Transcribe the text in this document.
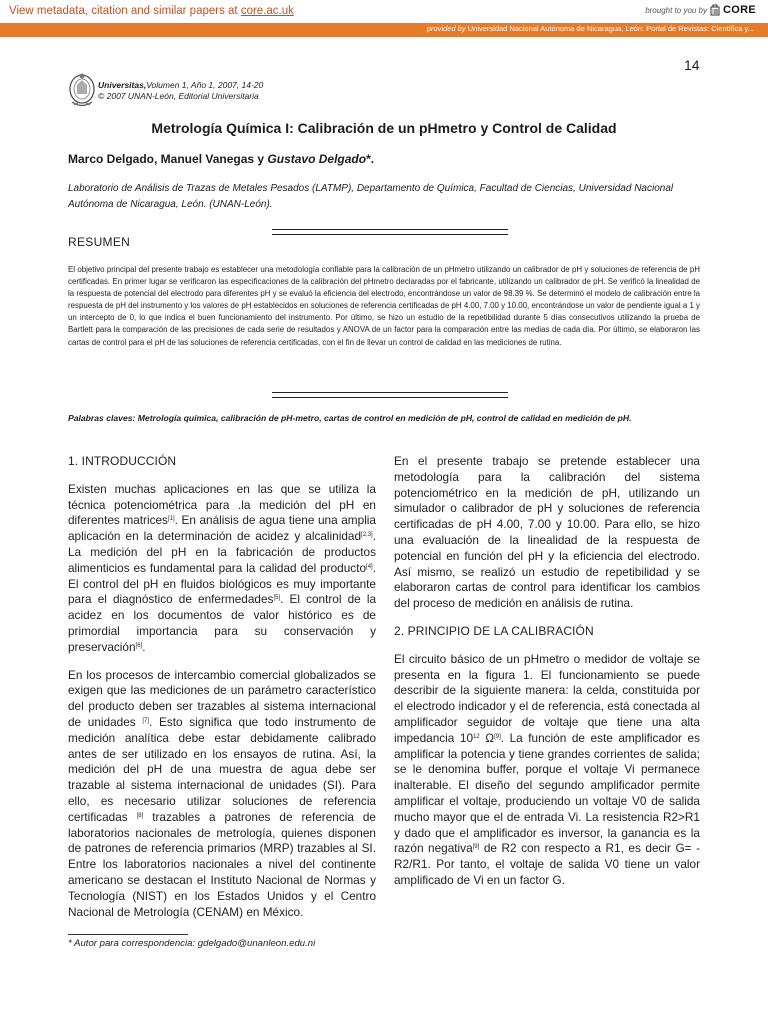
View metadata, citation and similar papers at core.ac.uk	brought to you by CORE
provided by Universidad Nacional Autónoma de Nicaragua, León: Portal de Revistas: Científica y...
14
Universitas,Volumen 1, Año 1, 2007, 14-20
© 2007 UNAN-León, Editorial Universitaria
Metrología Química I: Calibración de un pHmetro y Control de Calidad
Marco Delgado, Manuel Vanegas y Gustavo Delgado*.
Laboratorio de Análisis de Trazas de Metales Pesados (LATMP), Departamento de Química, Facultad de Ciencias, Universidad Nacional Autónoma de Nicaragua, León. (UNAN-León).
RESUMEN
El objetivo principal del presente trabajo es establecer una metodología confiable para la calibración de un pHmetro utilizando un calibrador de pH y soluciones de referencia de pH certificadas. En primer lugar se verificaron las especificaciones de la calibración del pHmetro declaradas por el fabricante, utilizando un calibrador de pH. Se verificó la linealidad de la respuesta de potencial del electrodo para diferentes pH y se evaluó la eficiencia del electrodo, encontrándose un valor de 98.39 %. Se determinó el modelo de calibración entre la respuesta de pH del instrumento y los valores de pH establecidos en soluciones de referencia certificadas de pH 4.00, 7.00 y 10.00, encontrándose un valor de pendiente igual a 1 y un intercepto de 0, lo que indica el buen funcionamiento del instrumento. Por último, se hizo un estudio de la repetibilidad durante 5 días consecutivos utilizando la prueba de Bartlett para la comparación de las precisiones de cada serie de resultados y ANOVA de un factor para la comparación entre las medias de cada día. Por último, se elaboraron las cartas de control para el pH de las soluciones de referencia certificadas, con el fin de llevar un control de calidad en las mediciones de rutina.
Palabras claves: Metrología química, calibración de pH-metro, cartas de control en medición de pH, control de calidad en medición de pH.

1. INTRODUCCIÓN

Existen muchas aplicaciones en las que se utiliza la técnica potenciométrica para .la medición del pH en diferentes matrices[1]. En análisis de agua tiene una amplia aplicación en la determinación de acidez y alcalinidad[2,3]. La medición del pH en la fabricación de productos alimenticios es fundamental para la calidad del producto[4]. El control del pH en fluidos biológicos es muy importante para el diagnóstico de enfermedades[5]. El control de la acidez en los documentos de valor histórico es de primordial importancia para su conservación y preservación[6].

En los procesos de intercambio comercial globalizados se exigen que las mediciones de un parámetro característico del producto deben ser trazables al sistema internacional de unidades [7]. Esto significa que todo instrumento de medición analítica debe estar debidamente calibrado antes de ser utilizado en los ensayos de rutina. Así, la medición del pH de una muestra de agua debe ser trazable al sistema internacional de unidades (SI). Para ello, es necesario utilizar soluciones de referencia certificadas [8] trazables a patrones de referencia de laboratorios nacionales de metrología, quienes disponen de patrones de referencia primarios (MRP) trazables al SI. Entre los laboratorios nacionales a nivel del continente americano se destacan el Instituto Nacional de Normas y Tecnología (NIST) en los Estados Unidos y el Centro Nacional de Metrología (CENAM) en México.

En el presente trabajo se pretende establecer una metodología para la calibración del sistema potenciométrico en la medición de pH, utilizando un simulador o calibrador de pH y soluciones de referencia certificadas de pH 4.00, 7.00 y 10.00. Para ello, se hizo una evaluación de la linealidad de la respuesta de potencial en función del pH y la eficiencia del electrodo. Así mismo, se realizó un estudio de repetibilidad y se elaboraron cartas de control para identificar los cambios del proceso de medición en análisis de rutina.

2. PRINCIPIO DE LA CALIBRACIÓN

El circuito básico de un pHmetro o medidor de voltaje se presenta en la figura 1. El funcionamiento se puede describir de la siguiente manera: la celda, constituida por el electrodo indicador y el de referencia, está conectada al amplificador seguidor de voltaje que tiene una alta impedancia $10^{12}$ Ω[9]. La función de este amplificador es amplificar la potencia y tiene grandes corrientes de salida; se le denomina buffer, porque el voltaje Vi permanece inalterable. El diseño del segundo amplificador permite amplificar el voltaje, produciendo un voltaje V0 de salida mucho mayor que el de entrada Vi. La resistencia R2>R1 y dado que el amplificador es inversor, la ganancia es la razón negativa[9] de R2 con respecto a R1, es decir G= - R2/R1. Por tanto, el voltaje de salida V0 tiene un valor amplificado de Vi en un factor G.

* Autor para correspondencia: gdelgado@unanleon.edu.ni
